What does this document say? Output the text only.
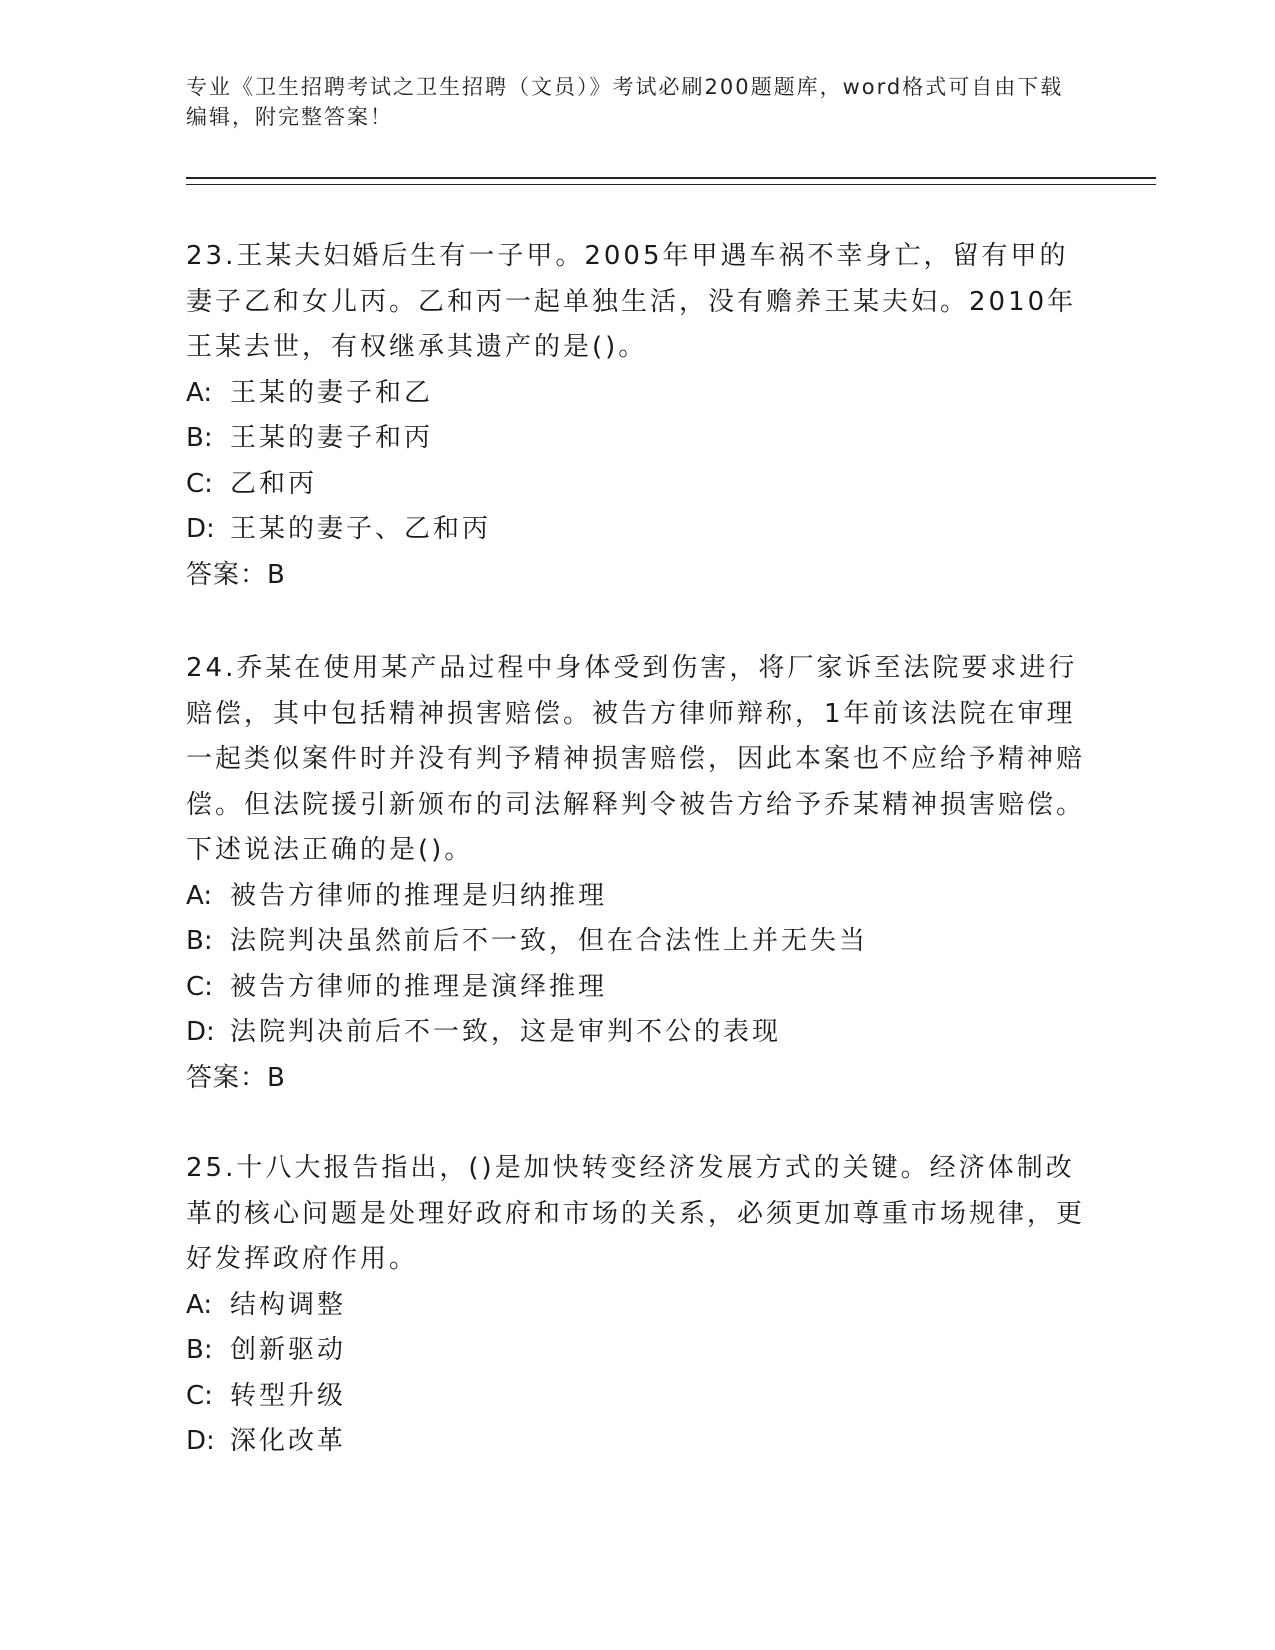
专业《卫生招聘考试之卫生招聘（文员）》考试必刷200题题库，word格式可自由下载编辑，附完整答案！

23.王某夫妇婚后生有一子甲。2005年甲遇车祸不幸身亡，留有甲的妻子乙和女儿丙。乙和丙一起单独生活，没有赡养王某夫妇。2010年王某去世，有权继承其遗产的是()。

A: 王某的妻子和乙

B: 王某的妻子和丙

C: 乙和丙

D: 王某的妻子、乙和丙

答案：B

24.乔某在使用某产品过程中身体受到伤害，将厂家诉至法院要求进行赔偿，其中包括精神损害赔偿。被告方律师辩称，1年前该法院在审理一起类似案件时并没有判予精神损害赔偿，因此本案也不应给予精神赔偿。但法院援引新颁布的司法解释判令被告方给予乔某精神损害赔偿。下述说法正确的是()。

A: 被告方律师的推理是归纳推理

B: 法院判决虽然前后不一致，但在合法性上并无失当

C: 被告方律师的推理是演绎推理

D: 法院判决前后不一致，这是审判不公的表现

答案：B

25.十八大报告指出，()是加快转变经济发展方式的关键。经济体制改革的核心问题是处理好政府和市场的关系，必须更加尊重市场规律，更好发挥政府作用。

A: 结构调整

B: 创新驱动

C: 转型升级

D: 深化改革
